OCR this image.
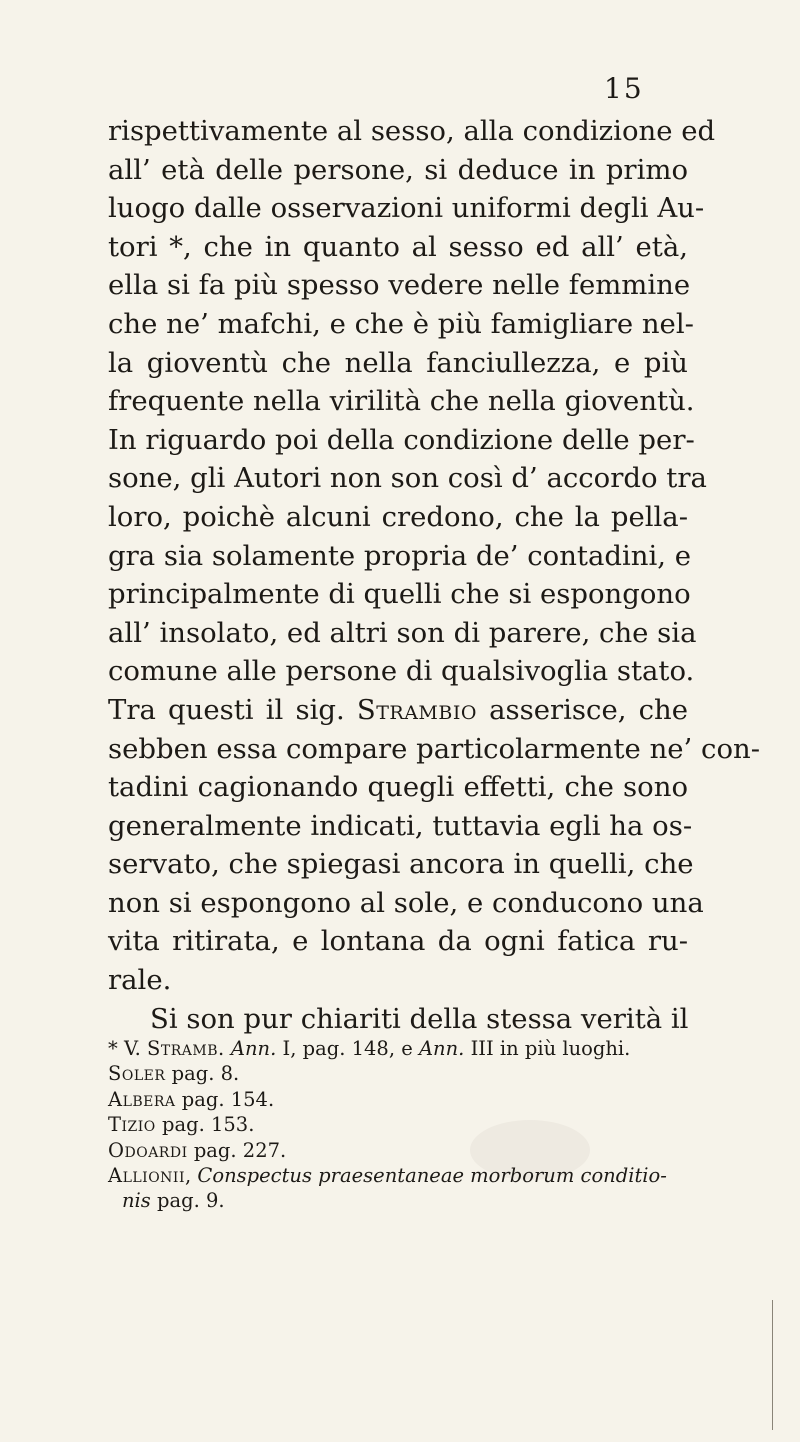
15
rispettivamente al sesso, alla condizione ed
all’ età delle persone, si deduce in primo
luogo dalle osservazioni uniformi degli Au-
tori *, che in quanto al sesso ed all’ età,
ella si fa più spesso vedere nelle femmine
che ne’ mafchi, e che è più famigliare nel-
la gioventù che nella fanciullezza, e più
frequente nella virilità che nella gioventù.
In riguardo poi della condizione delle per-
sone, gli Autori non son così d’ accordo tra
loro, poichè alcuni credono, che la pella-
gra sia solamente propria de’ contadini, e
principalmente di quelli che si espongono
all’ insolato, ed altri son di parere, che sia
comune alle persone di qualsivoglia stato.
Tra questi il sig. Strambio asserisce, che
sebben essa compare particolarmente ne’ con-
tadini cagionando quegli effetti, che sono
generalmente indicati, tuttavia egli ha os-
servato, che spiegasi ancora in quelli, che
non si espongono al sole, e conducono una
vita ritirata, e lontana da ogni fatica ru-
rale.
Si son pur chiariti della stessa verità il
* V. Stramb. Ann. I, pag. 148, e Ann. III in più luoghi.
Soler pag. 8.
Albera pag. 154.
Tizio pag. 153.
Odoardi pag. 227.
Allionii, Conspectus praesentaneae morborum conditio-
nis pag. 9.
